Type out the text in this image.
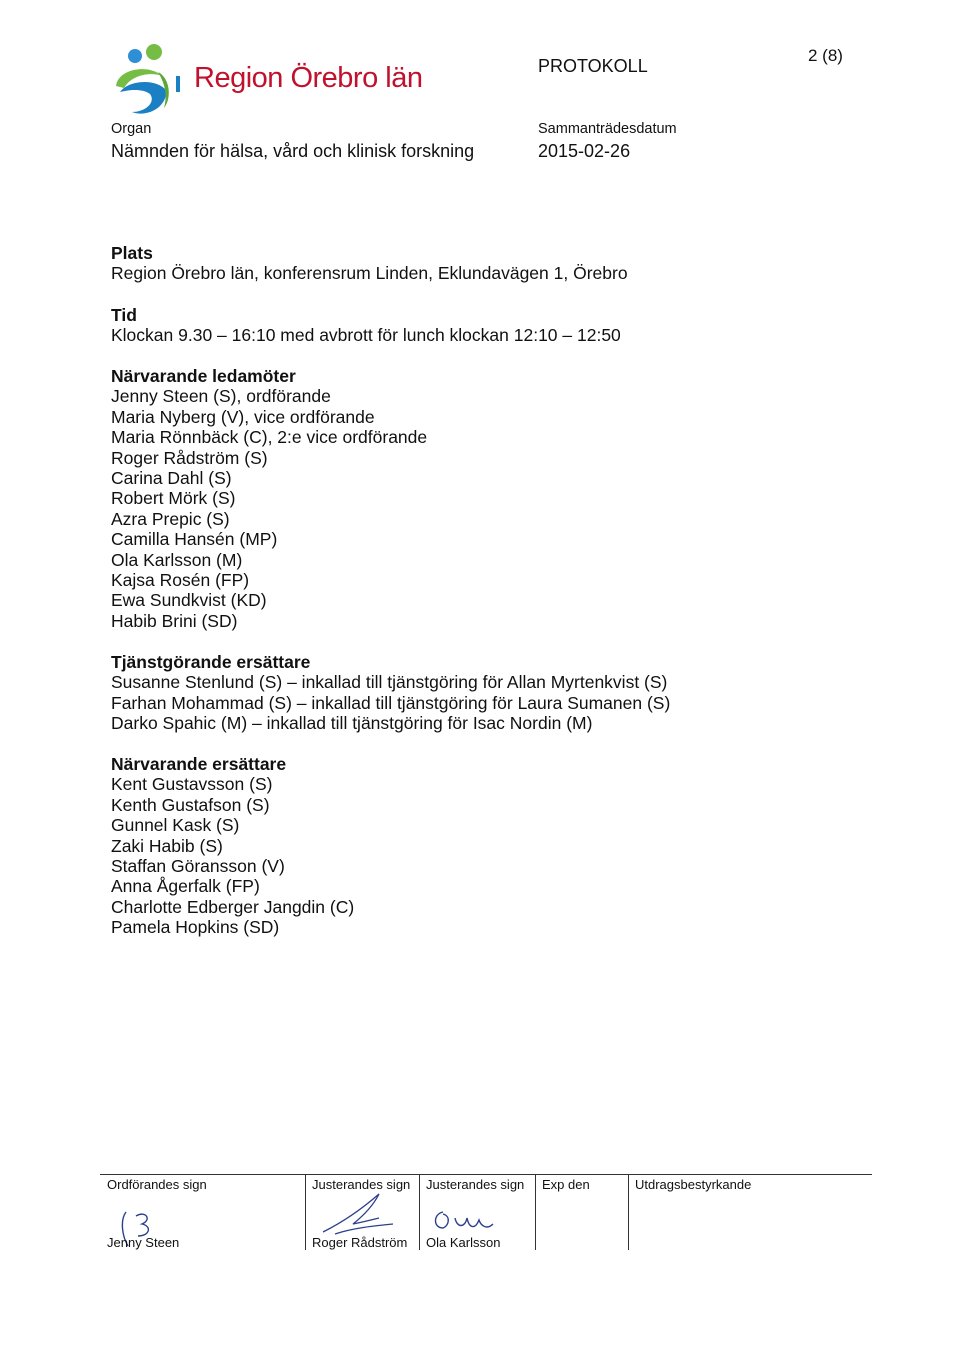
Region Örebro län	PROTOKOLL
2 (8)
Organ
Nämnden för hälsa, vård och klinisk forskning
Sammanträdesdatum
2015-02-26
Plats
Region Örebro län, konferensrum Linden, Eklundavägen 1, Örebro
Tid
Klockan 9.30 – 16:10 med avbrott för lunch klockan 12:10 – 12:50
Närvarande ledamöter
Jenny Steen (S), ordförande
Maria Nyberg (V), vice ordförande
Maria Rönnbäck (C), 2:e vice ordförande
Roger Rådström (S)
Carina Dahl (S)
Robert Mörk (S)
Azra Prepic (S)
Camilla Hansén (MP)
Ola Karlsson (M)
Kajsa Rosén (FP)
Ewa Sundkvist (KD)
Habib Brini (SD)
Tjänstgörande ersättare
Susanne Stenlund (S) – inkallad till tjänstgöring för Allan Myrtenkvist (S)
Farhan Mohammad (S) – inkallad till tjänstgöring för Laura Sumanen (S)
Darko Spahic (M) – inkallad till tjänstgöring för Isac Nordin (M)
Närvarande ersättare
Kent Gustavsson (S)
Kenth Gustafson (S)
Gunnel Kask (S)
Zaki Habib (S)
Staffan Göransson (V)
Anna Ågerfalk (FP)
Charlotte Edberger Jangdin (C)
Pamela Hopkins (SD)
Ordförandes sign
Jenny Steen
Justerandes sign
Roger Rådström
Justerandes sign
Ola Karlsson
Exp den	Utdragsbestyrkande
